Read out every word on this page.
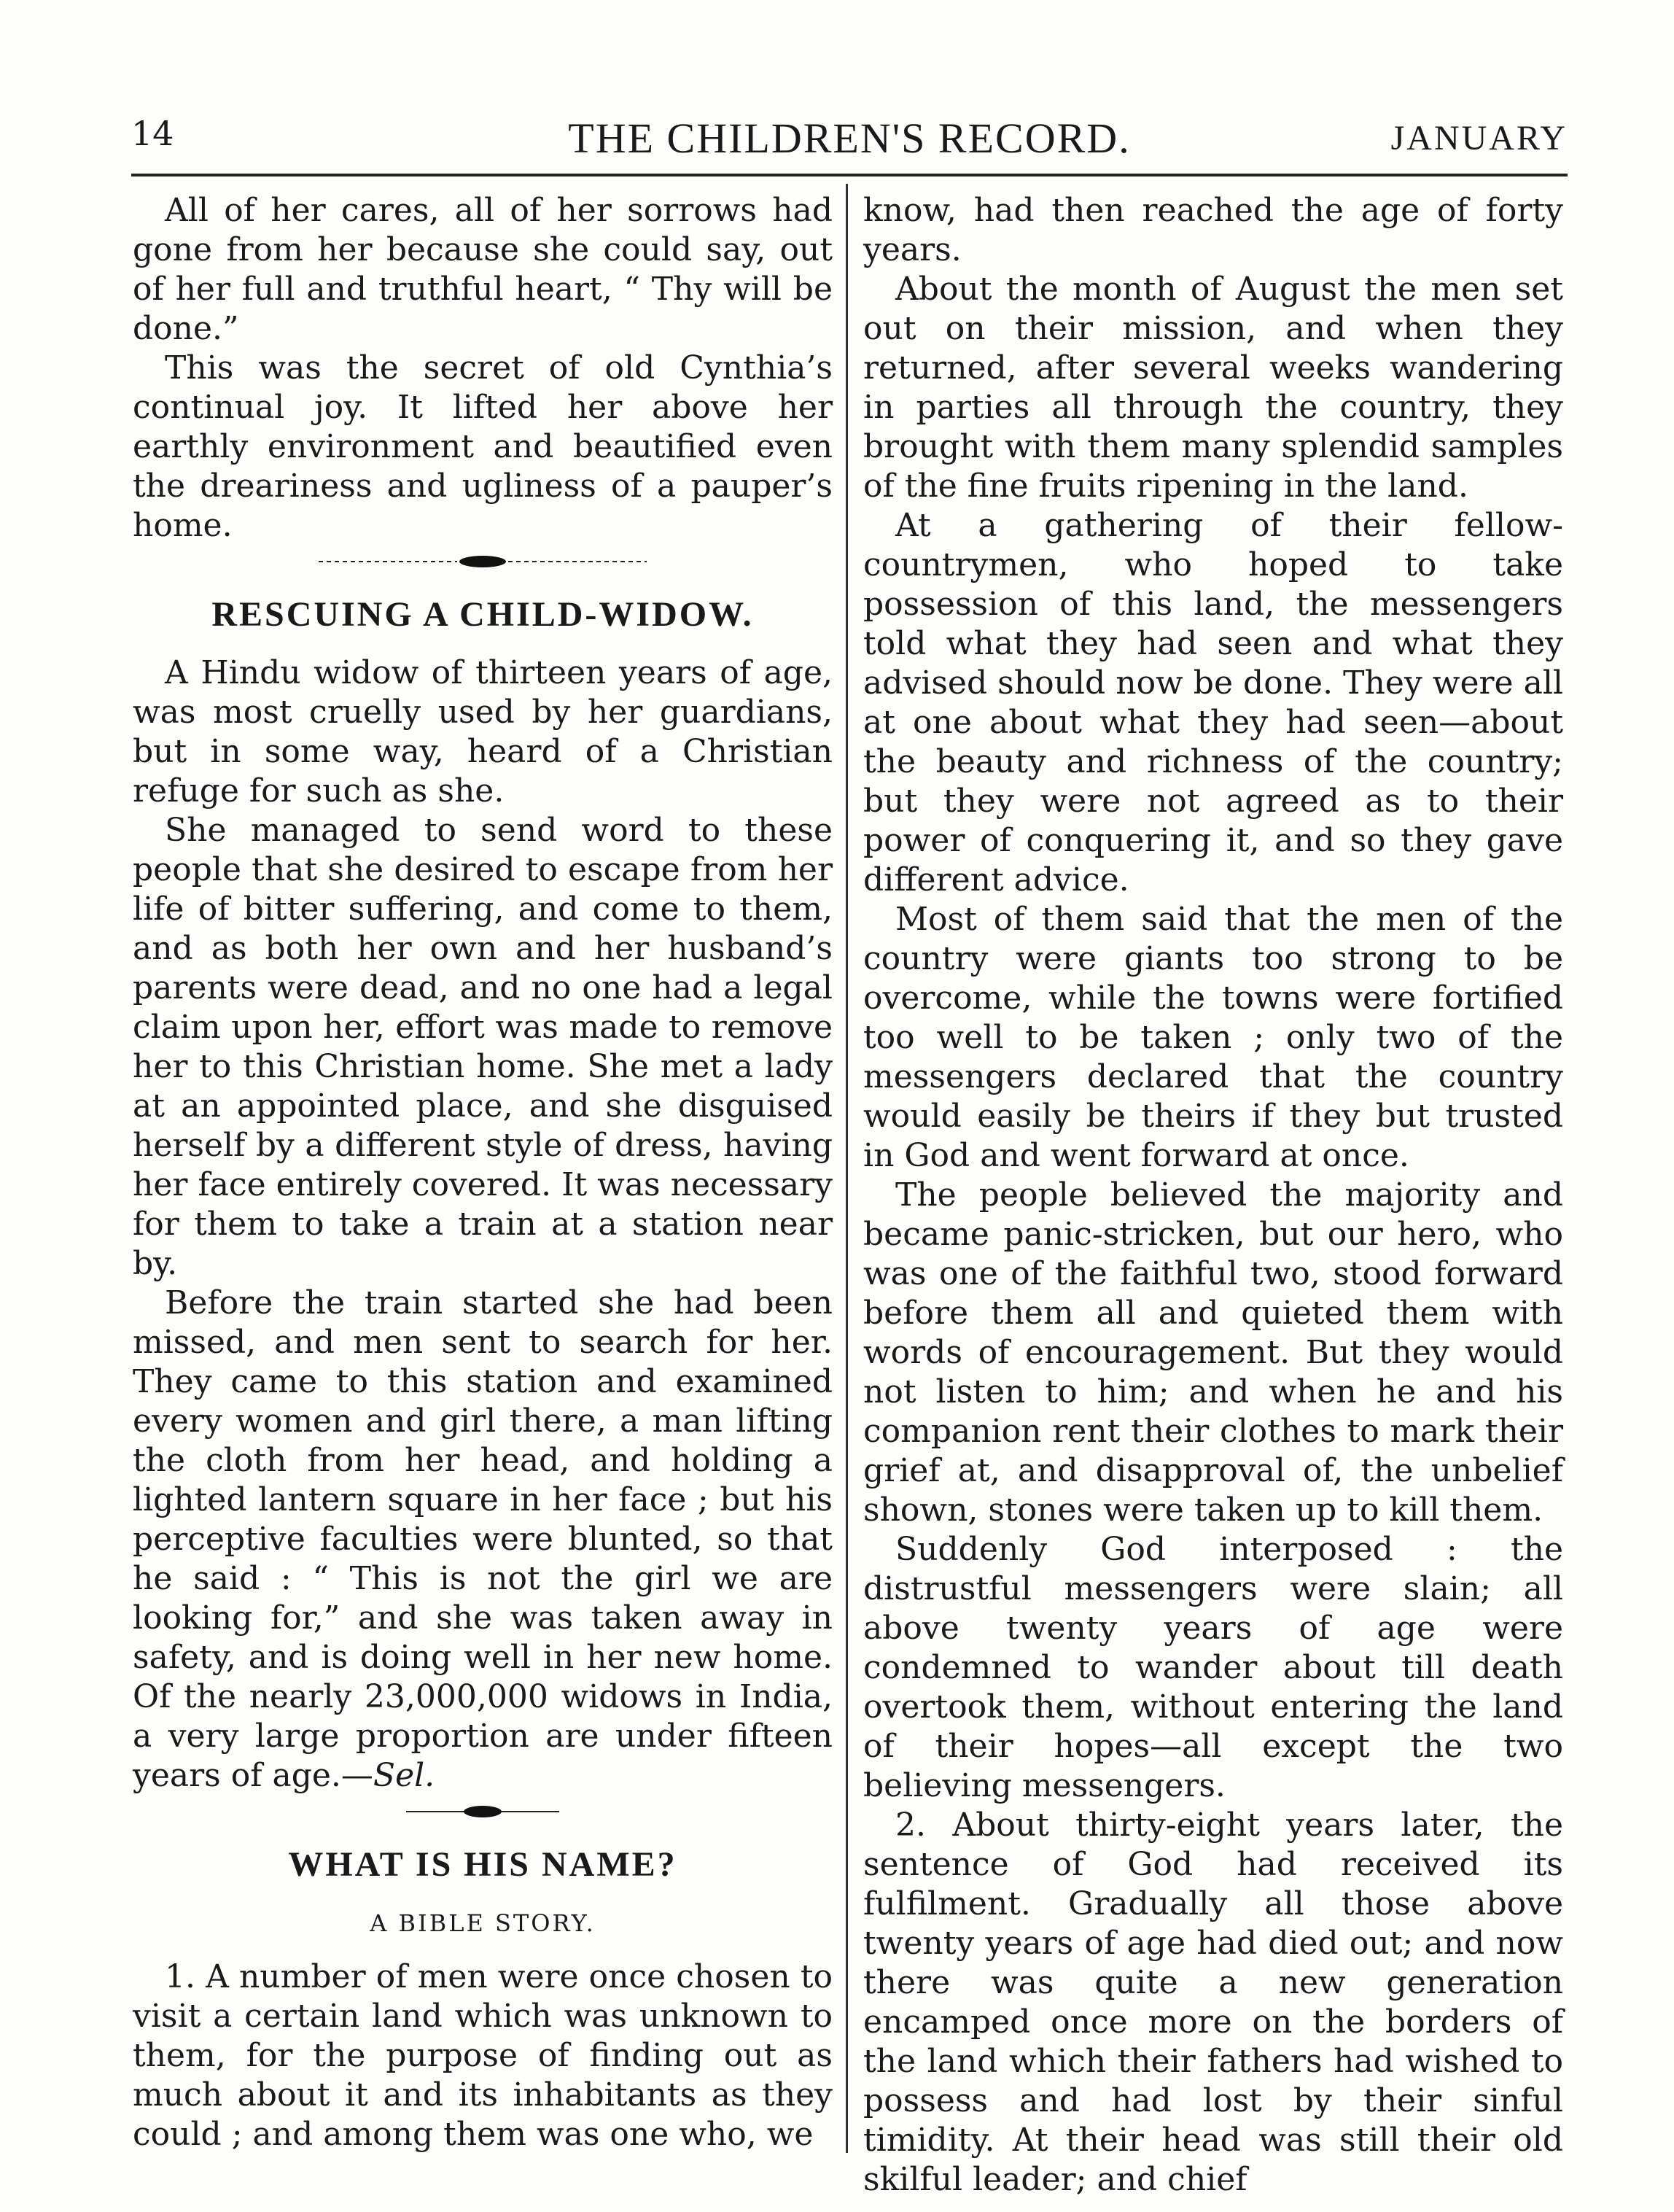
14	THE CHILDREN'S RECORD.	JANUARY

All of her cares, all of her sorrows had gone from her because she could say, out of her full and truthful heart, “ Thy will be done.”

This was the secret of old Cynthia’s continual joy. It lifted her above her earthly environment and beautified even the dreariness and ugliness of a pauper’s home.

RESCUING A CHILD-WIDOW.

A Hindu widow of thirteen years of age, was most cruelly used by her guardians, but in some way, heard of a Christian refuge for such as she.

She managed to send word to these people that she desired to escape from her life of bitter suffering, and come to them, and as both her own and her husband’s parents were dead, and no one had a legal claim upon her, effort was made to remove her to this Christian home. She met a lady at an appointed place, and she disguised herself by a different style of dress, having her face entirely covered. It was necessary for them to take a train at a station near by.

Before the train started she had been missed, and men sent to search for her. They came to this station and examined every women and girl there, a man lifting the cloth from her head, and holding a lighted lantern square in her face ; but his perceptive faculties were blunted, so that he said : “ This is not the girl we are looking for,” and she was taken away in safety, and is doing well in her new home. Of the nearly 23,000,000 widows in India, a very large proportion are under fifteen years of age.—Sel.

WHAT IS HIS NAME?
A BIBLE STORY.

1. A number of men were once chosen to visit a certain land which was unknown to them, for the purpose of finding out as much about it and its inhabitants as they could ; and among them was one who, we

know, had then reached the age of forty years.

About the month of August the men set out on their mission, and when they returned, after several weeks wandering in parties all through the country, they brought with them many splendid samples of the fine fruits ripening in the land.

At a gathering of their fellow-countrymen, who hoped to take possession of this land, the messengers told what they had seen and what they advised should now be done. They were all at one about what they had seen—about the beauty and richness of the country; but they were not agreed as to their power of conquering it, and so they gave different advice.

Most of them said that the men of the country were giants too strong to be overcome, while the towns were fortified too well to be taken ; only two of the messengers declared that the country would easily be theirs if they but trusted in God and went forward at once.

The people believed the majority and became panic-stricken, but our hero, who was one of the faithful two, stood forward before them all and quieted them with words of encouragement. But they would not listen to him; and when he and his companion rent their clothes to mark their grief at, and disapproval of, the unbelief shown, stones were taken up to kill them.

Suddenly God interposed : the distrustful messengers were slain; all above twenty years of age were condemned to wander about till death overtook them, without entering the land of their hopes—all except the two believing messengers.

2. About thirty-eight years later, the sentence of God had received its fulfilment. Gradually all those above twenty years of age had died out; and now there was quite a new generation encamped once more on the borders of the land which their fathers had wished to possess and had lost by their sinful timidity. At their head was still their old skilful leader; and chief
